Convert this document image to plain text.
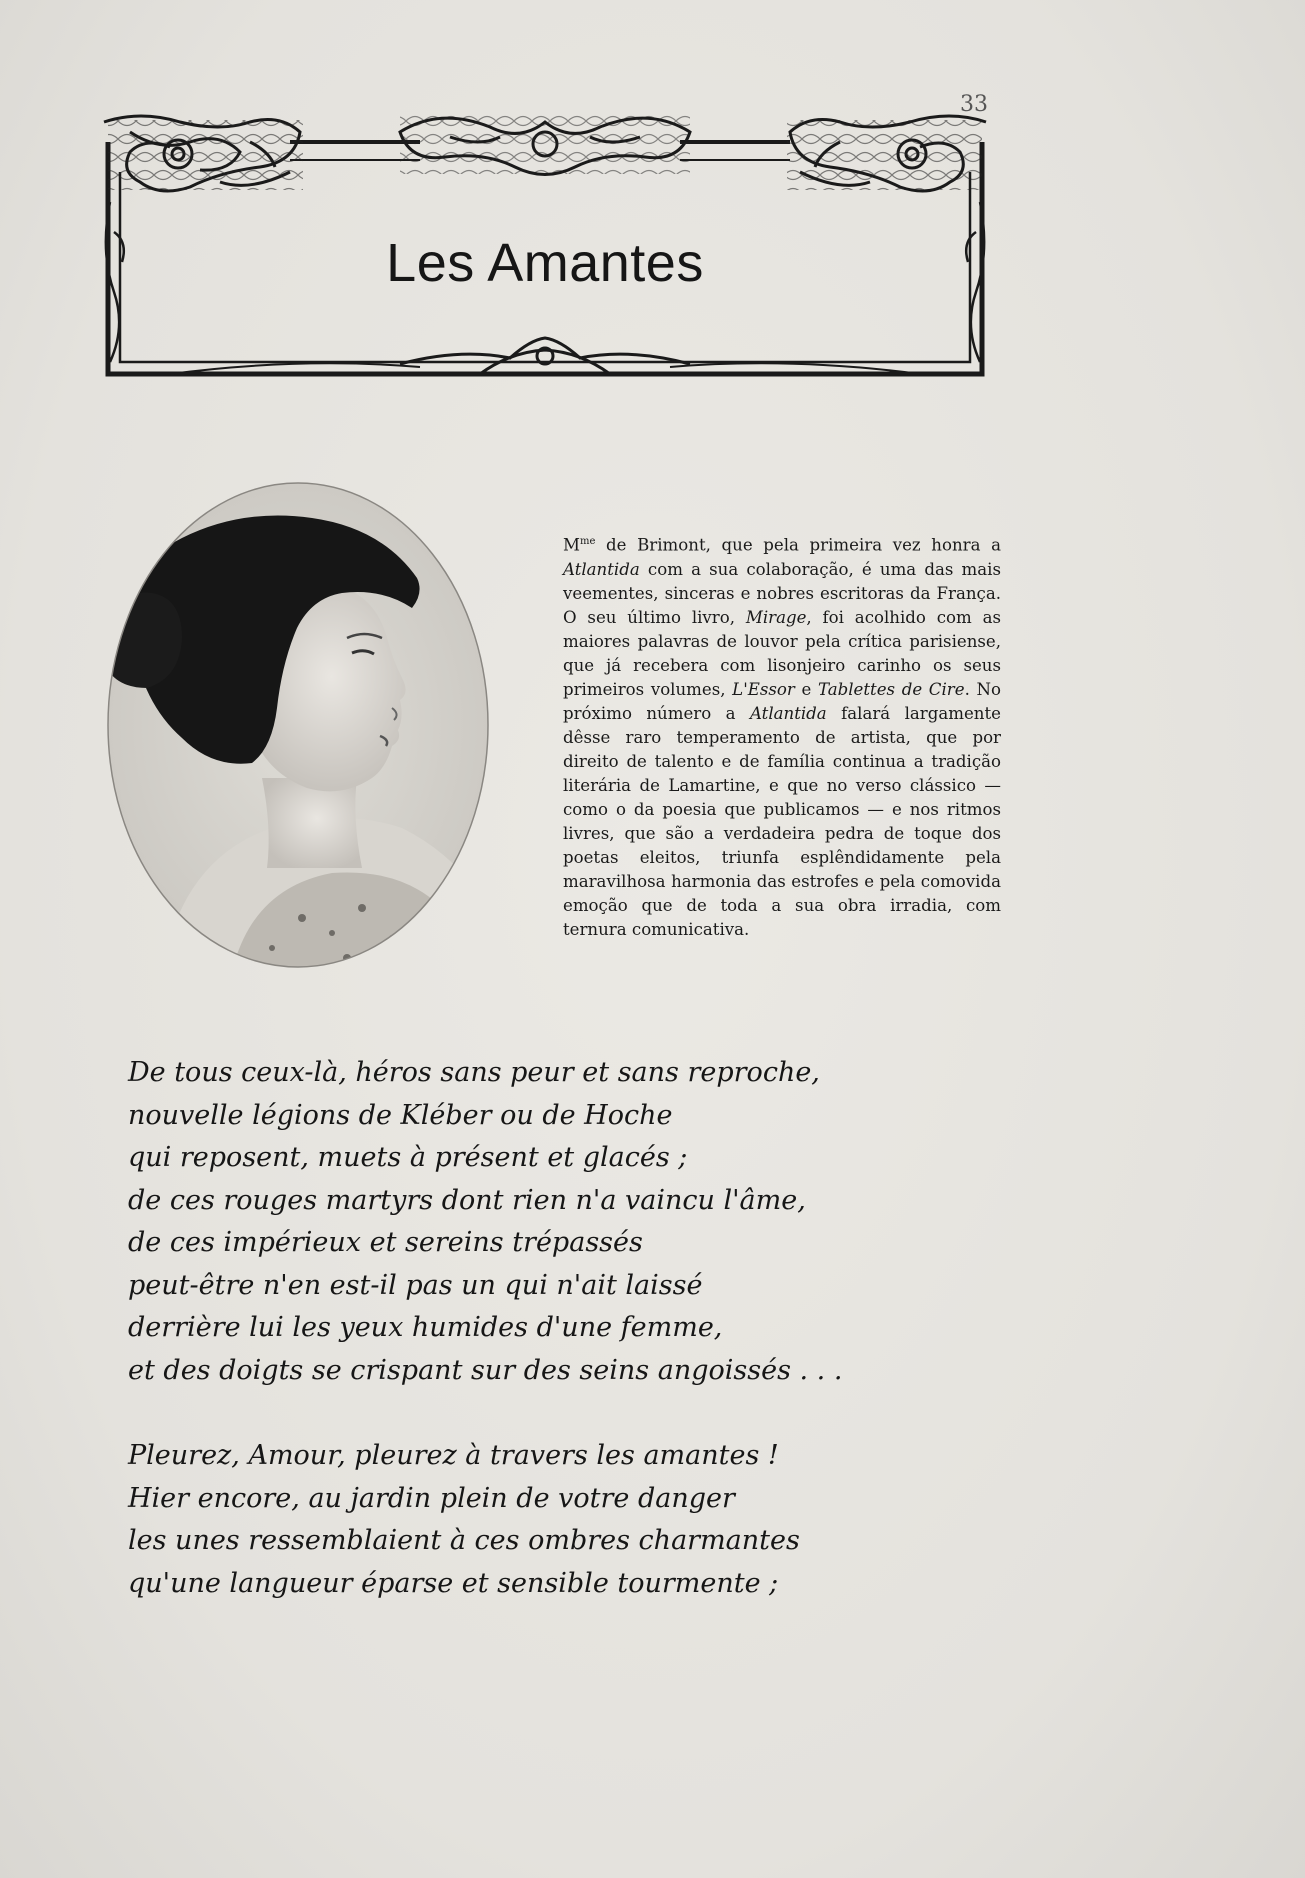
33
Les Amantes
$M^{me}$ de Brimont, que pela primeira vez honra a Atlantida com a sua colaboração, é uma das mais veementes, sinceras e nobres escritoras da França. O seu último livro, Mirage, foi acolhido com as maiores palavras de louvor pela crítica parisiense, que já recebera com lisonjeiro carinho os seus primeiros volumes, L'Essor e Tablettes de Cire. No próximo número a Atlantida falará largamente dêsse raro temperamento de artista, que por direito de talento e de família continua a tradição literária de Lamartine, e que no verso clássico — como o da poesia que publicamos — e nos ritmos livres, que são a verdadeira pedra de toque dos poetas eleitos, triunfa esplêndidamente pela maravilhosa harmonia das estrofes e pela comovida emoção que de toda a sua obra irradia, com ternura comunicativa.
De tous ceux-là, héros sans peur et sans reproche,
nouvelle légions de Kléber ou de Hoche
qui reposent, muets à présent et glacés ;
de ces rouges martyrs dont rien n'a vaincu l'âme,
de ces impérieux et sereins trépassés
peut-être n'en est-il pas un qui n'ait laissé
derrière lui les yeux humides d'une femme,
et des doigts se crispant sur des seins angoissés . . .
Pleurez, Amour, pleurez à travers les amantes !
Hier encore, au jardin plein de votre danger
les unes ressemblaient à ces ombres charmantes
qu'une langueur éparse et sensible tourmente ;
